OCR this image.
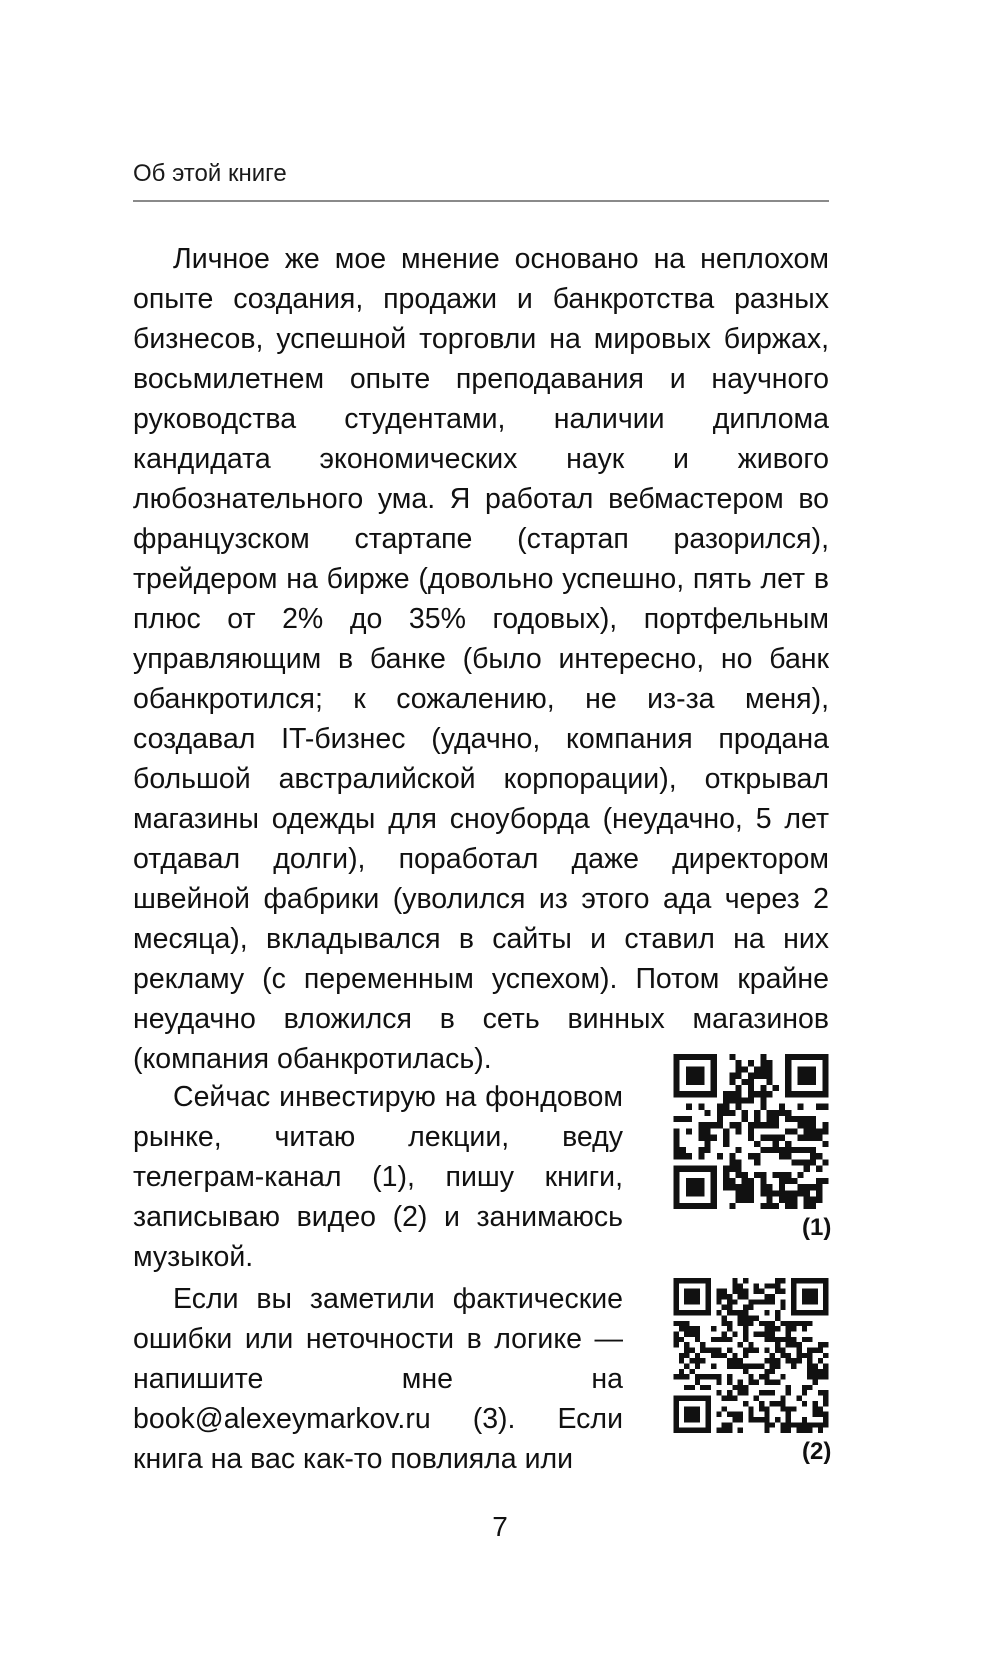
Об этой книге

Личное же мое мнение основано на неплохом опыте создания, продажи и банкротства разных бизнесов, успешной торговли на мировых биржах, восьмилетнем опыте преподавания и научного руководства студентами, наличии диплома кандидата экономических наук и живого любознательного ума. Я работал вебмастером во французском стартапе (стартап разорился), трейдером на бирже (довольно успешно, пять лет в плюс от 2% до 35% годовых), портфельным управляющим в банке (было интересно, но банк обанкротился; к сожалению, не из-за меня), создавал IT-бизнес (удачно, компания продана большой австралийской корпорации), открывал магазины одежды для сноуборда (неудачно, 5 лет отдавал долги), поработал даже директором швейной фабрики (уволился из этого ада через 2 месяца), вкладывался в сайты и ставил на них рекламу (с переменным успехом). Потом крайне неудачно вложился в сеть винных магазинов (компания обанкротилась).

Сейчас инвестирую на фондовом рынке, читаю лекции, веду телеграм-канал (1), пишу книги, записываю видео (2) и занимаюсь музыкой.

Если вы заметили фактические ошибки или неточности в логике — напишите мне на book@alexeymarkov.ru (3). Если книга на вас как-то повлияла или

(1)
(2)
7
